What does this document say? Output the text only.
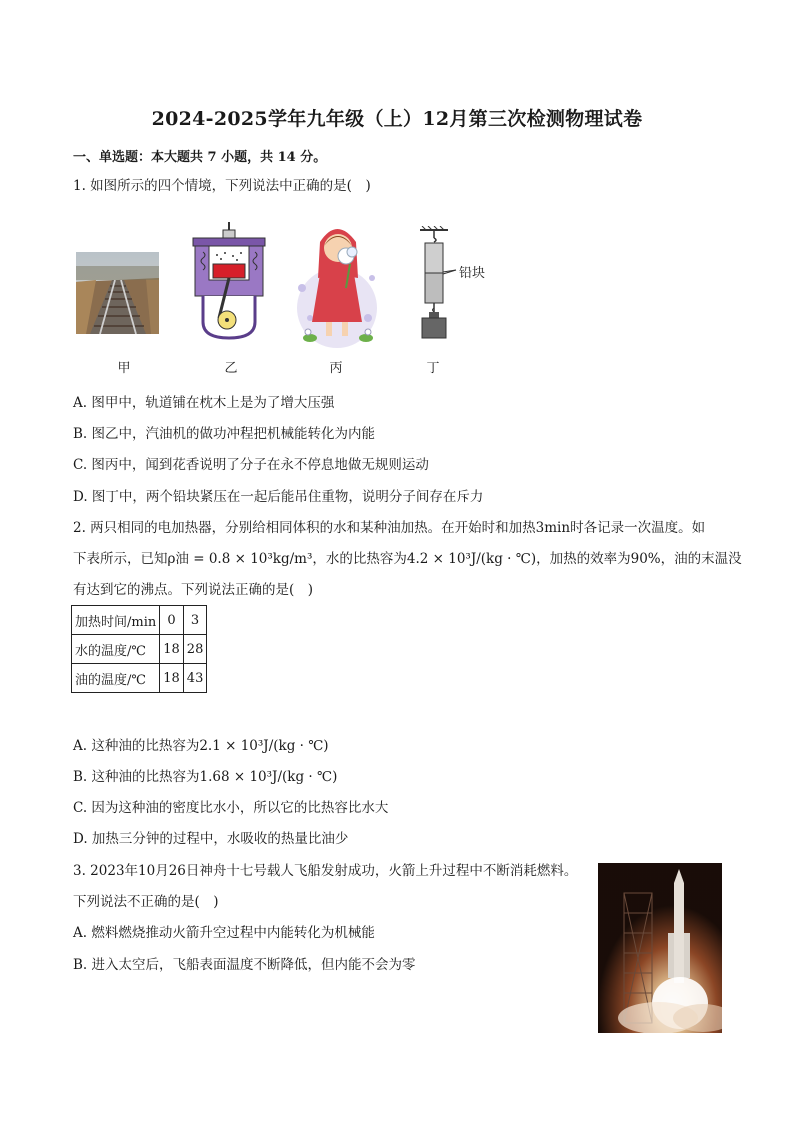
2024-2025学年九年级（上）12月第三次检测物理试卷
一、单选题：本大题共 7 小题，共 14 分。
1. 如图所示的四个情境，下列说法中正确的是(　)
铅块
甲	乙	丙	丁
A. 图甲中，轨道铺在枕木上是为了增大压强
B. 图乙中，汽油机的做功冲程把机械能转化为内能
C. 图丙中，闻到花香说明了分子在永不停息地做无规则运动
D. 图丁中，两个铅块紧压在一起后能吊住重物，说明分子间存在斥力
2. 两只相同的电加热器，分别给相同体积的水和某种油加热。在开始时和加热3min时各记录一次温度。如
下表所示，已知ρ油 = 0.8 × 10³kg/m³，水的比热容为4.2 × 10³J/(kg · ℃)，加热的效率为90%，油的末温没
有达到它的沸点。下列说法正确的是(　)
加热时间/min	0	3
水的温度/℃	18	28
油的温度/℃	18	43
A. 这种油的比热容为2.1 × 10³J/(kg · ℃)
B. 这种油的比热容为1.68 × 10³J/(kg · ℃)
C. 因为这种油的密度比水小，所以它的比热容比水大
D. 加热三分钟的过程中，水吸收的热量比油少
3. 2023年10月26日神舟十七号载人飞船发射成功，火箭上升过程中不断消耗燃料。
下列说法不正确的是(　)
A. 燃料燃烧推动火箭升空过程中内能转化为机械能
B. 进入太空后，飞船表面温度不断降低，但内能不会为零
